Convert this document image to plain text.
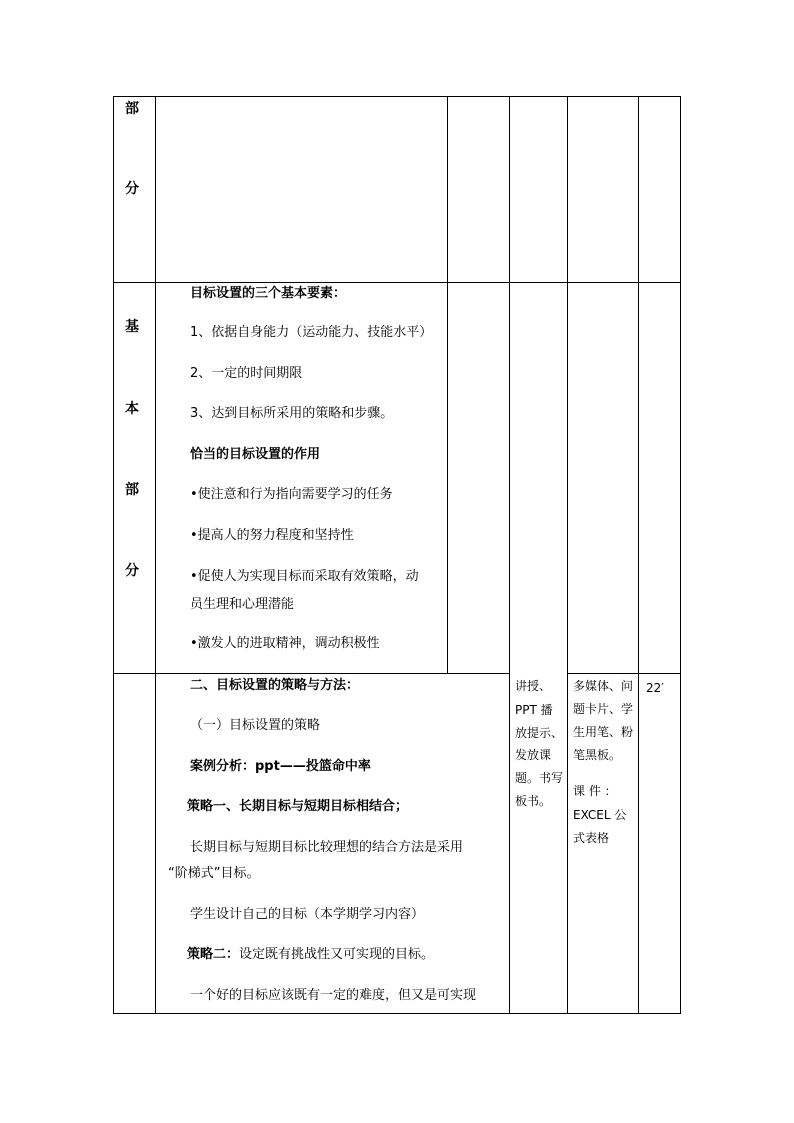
部
分
基
本
部
分
目标设置的三个基本要素：
1、依据自身能力（运动能力、技能水平）
2、一定的时间期限
3、达到目标所采用的策略和步骤。
恰当的目标设置的作用
•使注意和行为指向需要学习的任务
•提高人的努力程度和坚持性
•促使人为实现目标而采取有效策略，动
员生理和心理潜能
•激发人的进取精神，调动积极性
二、目标设置的策略与方法：
（一）目标设置的策略
案例分析：ppt——投篮命中率
策略一、长期目标与短期目标相结合；
长期目标与短期目标比较理想的结合方法是采用
“阶梯式”目标。
学生设计自己的目标（本学期学习内容）
策略二：设定既有挑战性又可实现的目标。
一个好的目标应该既有一定的难度，但又是可实现
讲授、
PPT 播
放提示、
发放课
题。书写
板书。
多媒体、问
题卡片、学
生用笔、粉
笔黑板。
课 件 ：
EXCEL 公
式表格
22′
